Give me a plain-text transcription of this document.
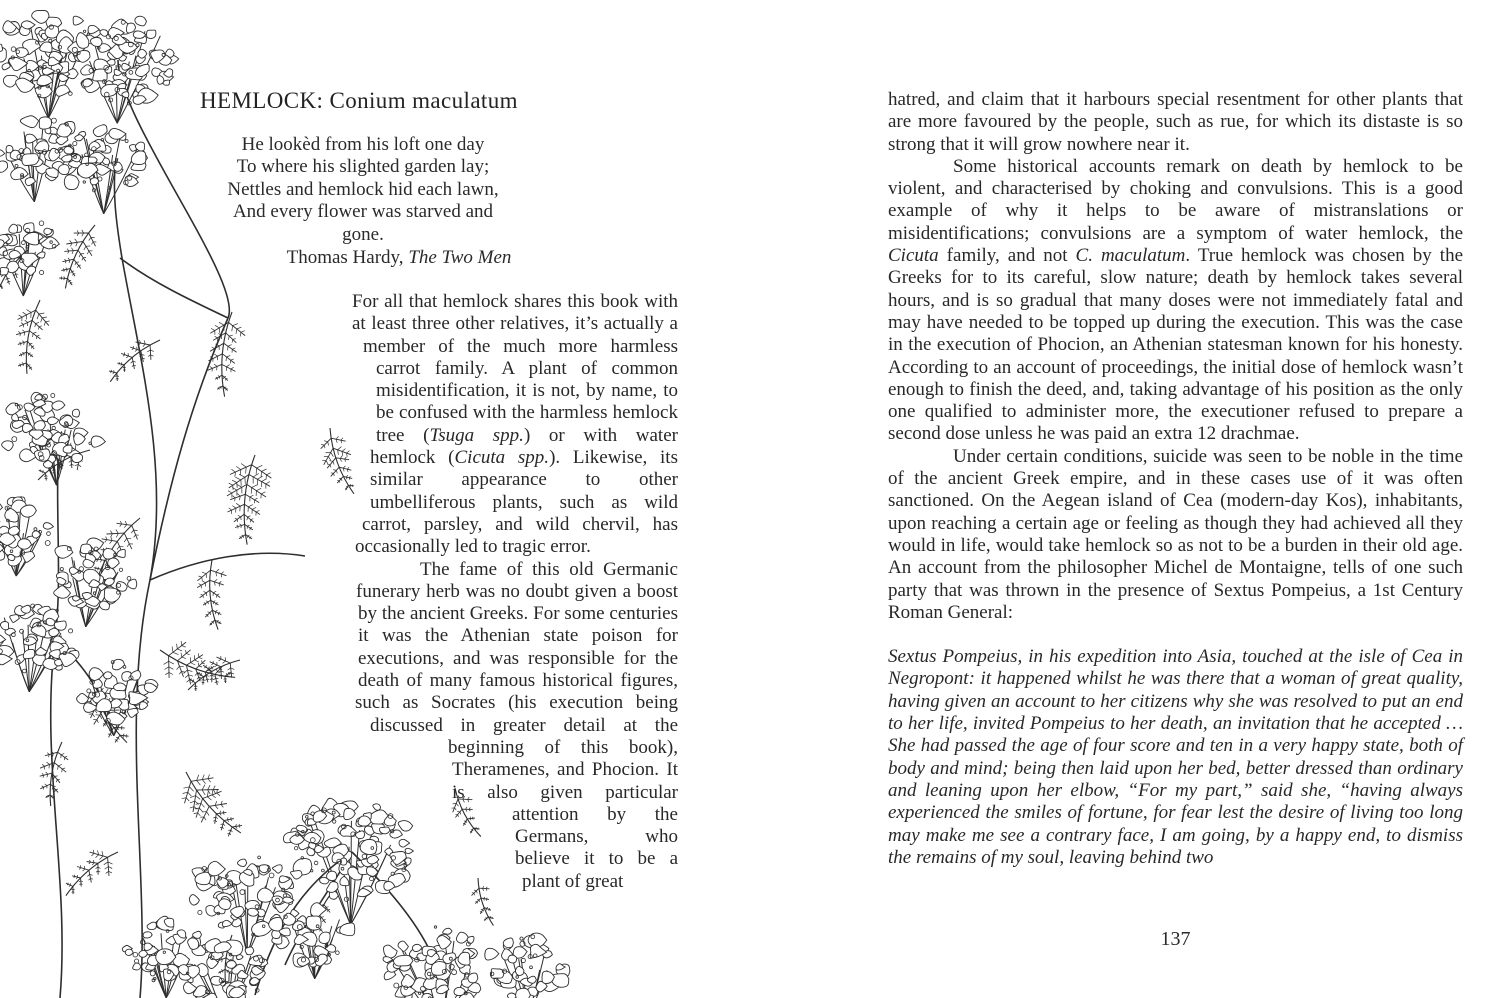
HEMLOCK: Conium maculatum
He lookèd from his loft one day
To where his slighted garden lay;
Nettles and hemlock hid each lawn,
And every flower was starved and gone.
Thomas Hardy, The Two Men

For all that hemlock shares this book with at least three other relatives, it’s actually a member of the much more harmless carrot family. A plant of common misidentification, it is not, by name, to be confused with the harmless hemlock tree (Tsuga spp.) or with water hemlock (Cicuta spp.). Likewise, its similar appearance to other umbelliferous plants, such as wild carrot, parsley, and wild chervil, has occasionally led to tragic error.

The fame of this old Germanic funerary herb was no doubt given a boost by the ancient Greeks. For some centuries it was the Athenian state poison for executions, and was responsible for the death of many famous historical figures, such as Socrates (his execution being discussed in greater detail at the beginning of this book), Theramenes, and Phocion. It is also given particular attention by the Germans, who believe it to be a plant of great

hatred, and claim that it harbours special resentment for other plants that are more favoured by the people, such as rue, for which its distaste is so strong that it will grow nowhere near it.

Some historical accounts remark on death by hemlock to be violent, and characterised by choking and convulsions. This is a good example of why it helps to be aware of mistranslations or misidentifications; convulsions are a symptom of water hemlock, the Cicuta family, and not C. maculatum. True hemlock was chosen by the Greeks for to its careful, slow nature; death by hemlock takes several hours, and is so gradual that many doses were not immediately fatal and may have needed to be topped up during the execution. This was the case in the execution of Phocion, an Athenian statesman known for his honesty. According to an account of proceedings, the initial dose of hemlock wasn’t enough to finish the deed, and, taking advantage of his position as the only one qualified to administer more, the executioner refused to prepare a second dose unless he was paid an extra 12 drachmae.

Under certain conditions, suicide was seen to be noble in the time of the ancient Greek empire, and in these cases use of it was often sanctioned. On the Aegean island of Cea (modern-day Kos), inhabitants, upon reaching a certain age or feeling as though they had achieved all they would in life, would take hemlock so as not to be a burden in their old age. An account from the philosopher Michel de Montaigne, tells of one such party that was thrown in the presence of Sextus Pompeius, a 1st Century Roman General:

Sextus Pompeius, in his expedition into Asia, touched at the isle of Cea in Negropont: it happened whilst he was there that a woman of great quality, having given an account to her citizens why she was resolved to put an end to her life, invited Pompeius to her death, an invitation that he accepted … She had passed the age of four score and ten in a very happy state, both of body and mind; being then laid upon her bed, better dressed than ordinary and leaning upon her elbow, “For my part,” said she, “having always experienced the smiles of fortune, for fear lest the desire of living too long may make me see a contrary face, I am going, by a happy end, to dismiss the remains of my soul, leaving behind two

137
